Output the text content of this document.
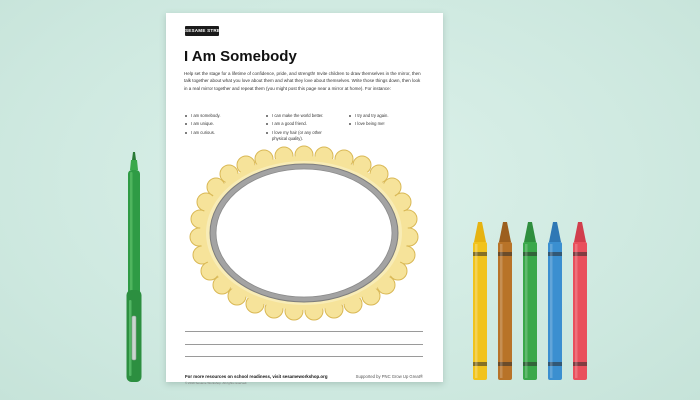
SESAME STREET
I Am Somebody
Help set the stage for a lifetime of confidence, pride, and strength! Invite children to draw themselves in the mirror, then talk together about what you love about them and what they love about themselves. Write those things down, then look in a real mirror together and repeat them (you might post this page near a mirror at home). For instance:
I am somebody.
I am unique.
I am curious.
I can make the world better.
I am a good friend.
I love my hair (or any other physical quality).
I try and try again.
I love being me!
For more resources on school readiness, visit sesameworkshop.org
© 2019 Sesame Workshop. All rights reserved.
Supported by PNC Grow Up Great®
